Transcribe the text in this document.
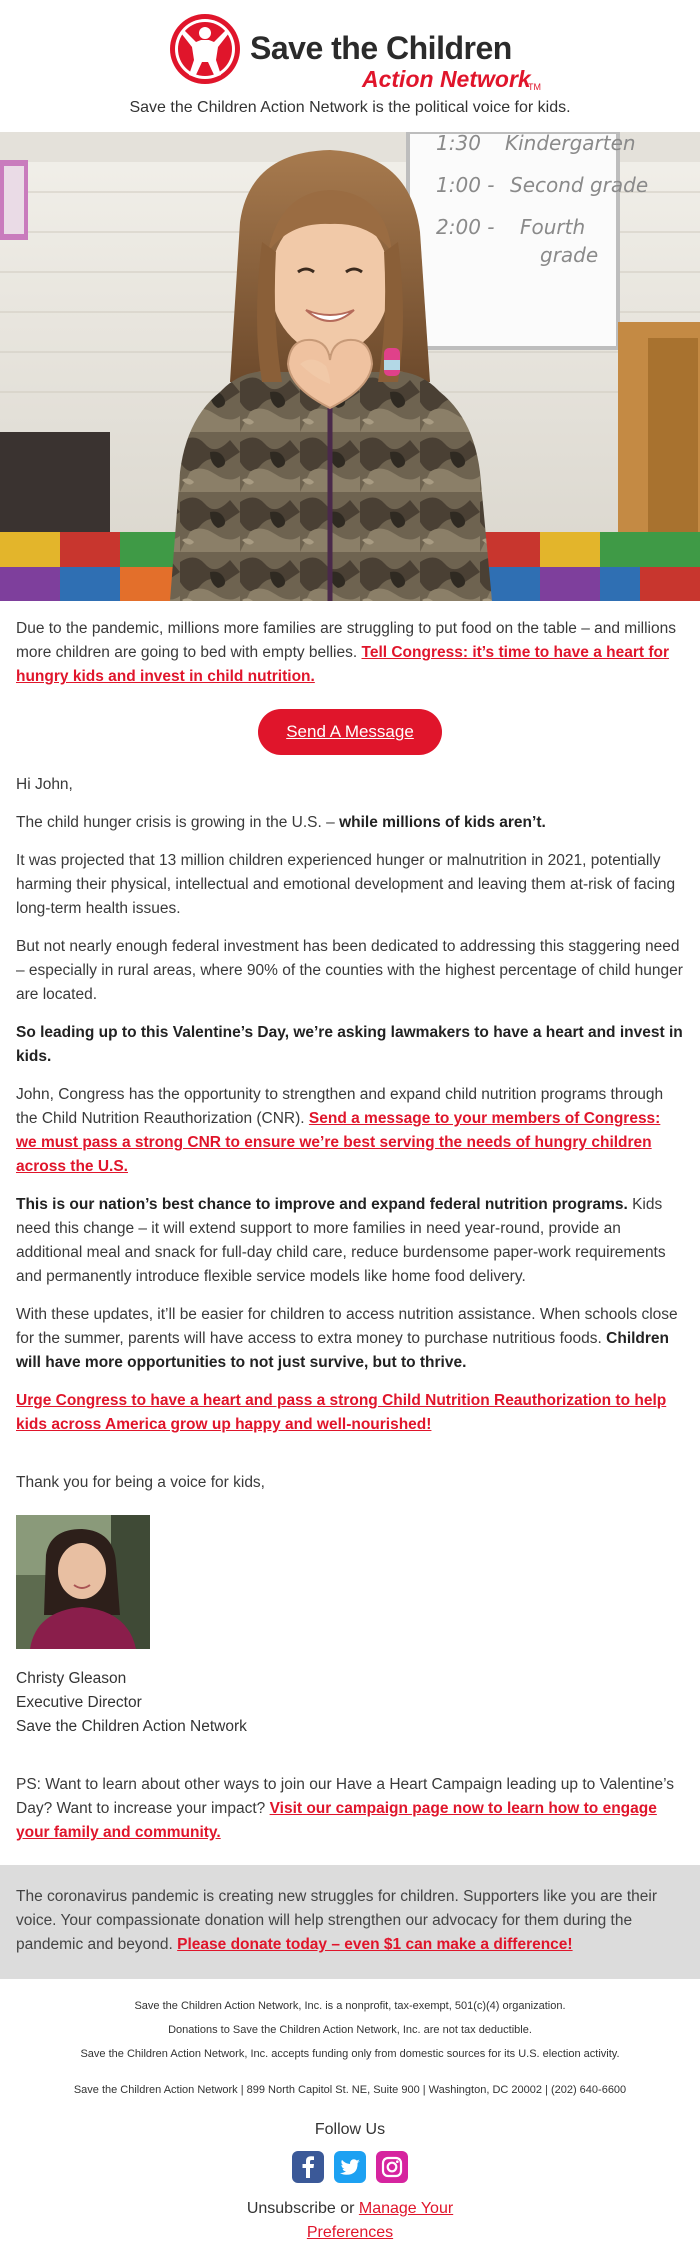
Save the Children
Action Network
TM
Save the Children Action Network is the political voice for kids.
1:30 Kindergarten
1:00 - Second grade
2:00 - Fourth
grade

Due to the pandemic, millions more families are struggling to put food on the table – and millions more children are going to bed with empty bellies. Tell Congress: it’s time to have a heart for hungry kids and invest in child nutrition.

Send A Message

Hi John,

The child hunger crisis is growing in the U.S. – while millions of kids aren’t.

It was projected that 13 million children experienced hunger or malnutrition in 2021, potentially harming their physical, intellectual and emotional development and leaving them at-risk of facing long-term health issues.

But not nearly enough federal investment has been dedicated to addressing this staggering need – especially in rural areas, where 90% of the counties with the highest percentage of child hunger are located.

So leading up to this Valentine’s Day, we’re asking lawmakers to have a heart and invest in kids.

John, Congress has the opportunity to strengthen and expand child nutrition programs through the Child Nutrition Reauthorization (CNR). Send a message to your members of Congress: we must pass a strong CNR to ensure we’re best serving the needs of hungry children across the U.S.

This is our nation’s best chance to improve and expand federal nutrition programs. Kids need this change – it will extend support to more families in need year-round, provide an additional meal and snack for full-day child care, reduce burdensome paper-work requirements and permanently introduce flexible service models like home food delivery.

With these updates, it’ll be easier for children to access nutrition assistance. When schools close for the summer, parents will have access to extra money to purchase nutritious foods. Children will have more opportunities to not just survive, but to thrive.

Urge Congress to have a heart and pass a strong Child Nutrition Reauthorization to help kids across America grow up happy and well-nourished!

Thank you for being a voice for kids,

Christy Gleason
Executive Director
Save the Children Action Network

PS: Want to learn about other ways to join our Have a Heart Campaign leading up to Valentine’s Day? Want to increase your impact? Visit our campaign page now to learn how to engage your family and community.

The coronavirus pandemic is creating new struggles for children. Supporters like you are their voice. Your compassionate donation will help strengthen our advocacy for them during the pandemic and beyond. Please donate today – even $1 can make a difference!

Save the Children Action Network, Inc. is a nonprofit, tax-exempt, 501(c)(4) organization.
Donations to Save the Children Action Network, Inc. are not tax deductible.
Save the Children Action Network, Inc. accepts funding only from domestic sources for its U.S. election activity.
Save the Children Action Network | 899 North Capitol St. NE, Suite 900 | Washington, DC 20002 | (202) 640-6600
Follow Us
Unsubscribe or Manage Your Preferences
